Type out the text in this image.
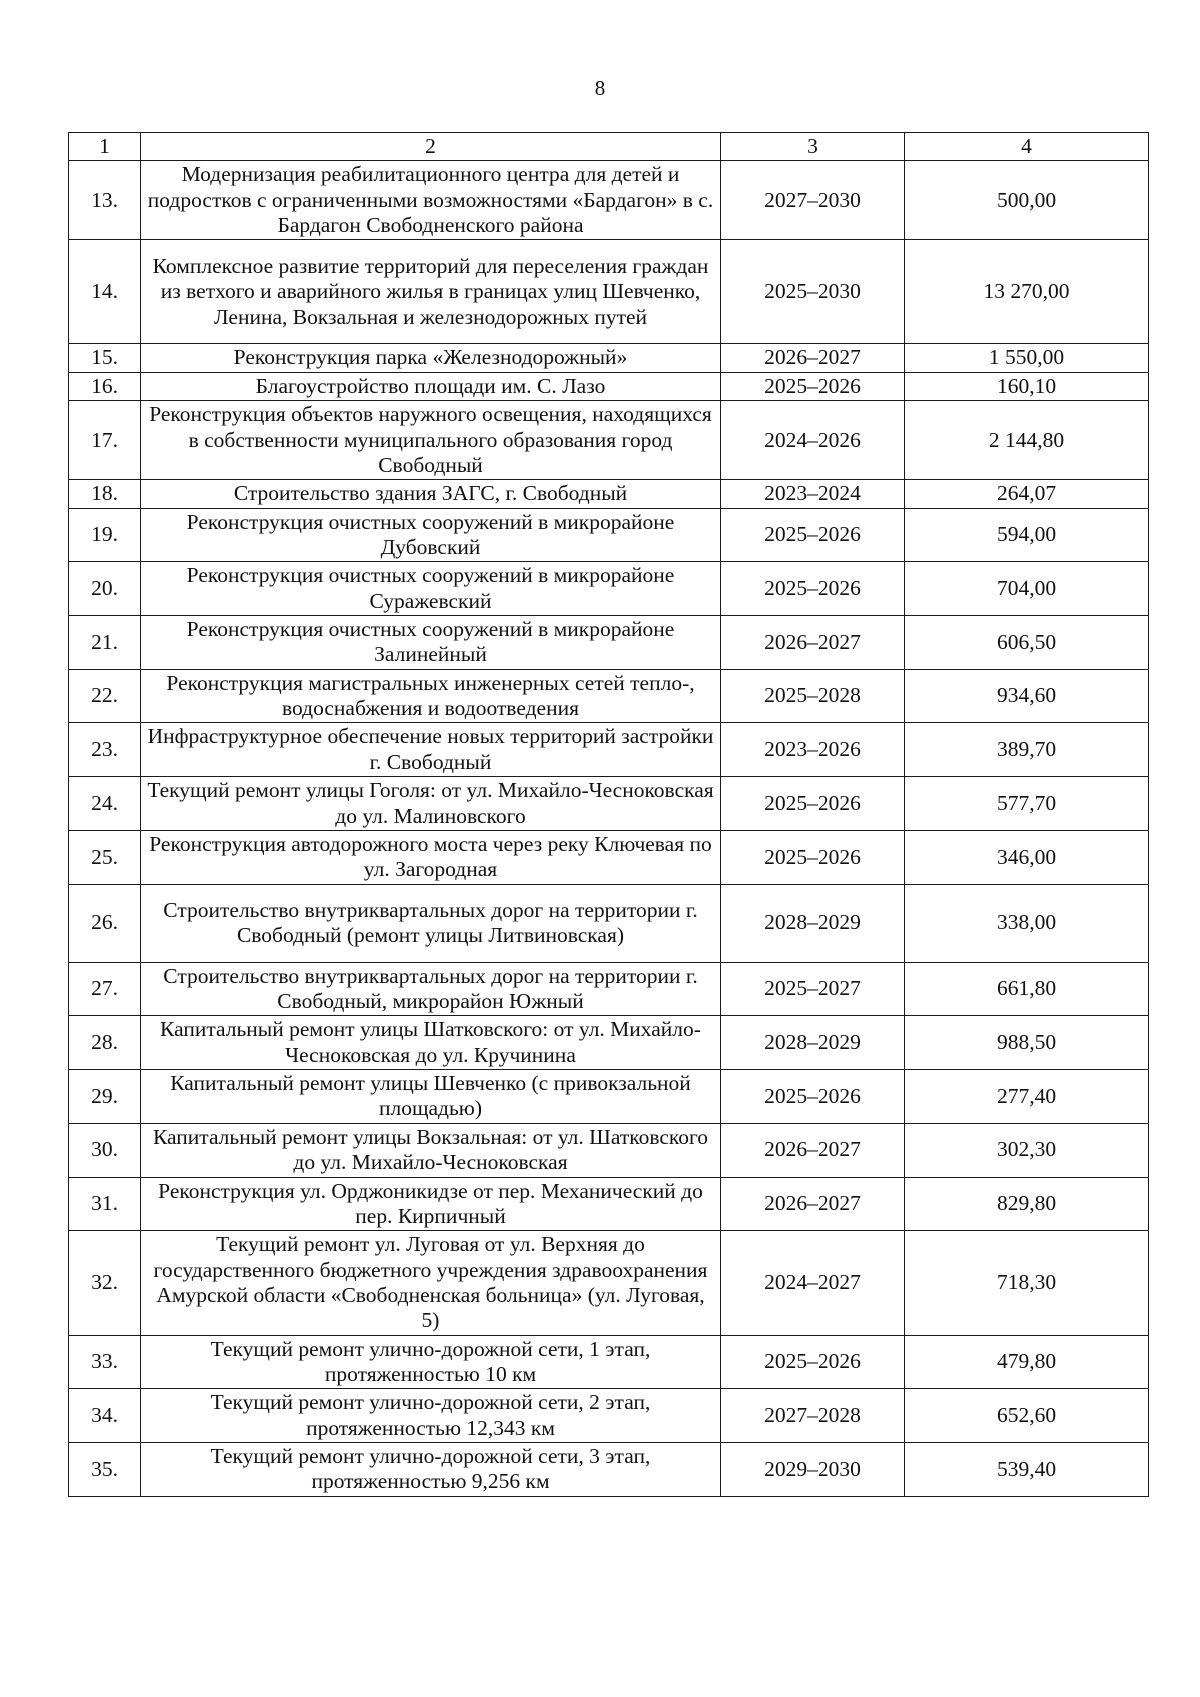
8
1	2	3	4
13.	Модернизация реабилитационного центра для детей и подростков с ограниченными возможностями «Бардагон» в с. Бардагон Свободненского района	2027–2030	500,00
14.	Комплексное развитие территорий для переселения граждан из ветхого и аварийного жилья в границах улиц Шевченко, Ленина, Вокзальная и железнодорожных путей	2025–2030	13 270,00
15.	Реконструкция парка «Железнодорожный»	2026–2027	1 550,00
16.	Благоустройство площади им. С. Лазо	2025–2026	160,10
17.	Реконструкция объектов наружного освещения, находящихся в собственности муниципального образования город Свободный	2024–2026	2 144,80
18.	Строительство здания ЗАГС, г. Свободный	2023–2024	264,07
19.	Реконструкция очистных сооружений в микрорайоне Дубовский	2025–2026	594,00
20.	Реконструкция очистных сооружений в микрорайоне Суражевский	2025–2026	704,00
21.	Реконструкция очистных сооружений в микрорайоне Залинейный	2026–2027	606,50
22.	Реконструкция магистральных инженерных сетей тепло-, водоснабжения и водоотведения	2025–2028	934,60
23.	Инфраструктурное обеспечение новых территорий застройки г. Свободный	2023–2026	389,70
24.	Текущий ремонт улицы Гоголя: от ул. Михайло-Чесноковская до ул. Малиновского	2025–2026	577,70
25.	Реконструкция автодорожного моста через реку Ключевая по ул. Загородная	2025–2026	346,00
26.	Строительство внутриквартальных дорог на территории г. Свободный (ремонт улицы Литвиновская)	2028–2029	338,00
27.	Строительство внутриквартальных дорог на территории г. Свободный, микрорайон Южный	2025–2027	661,80
28.	Капитальный ремонт улицы Шатковского: от ул. Михайло-Чесноковская до ул. Кручинина	2028–2029	988,50
29.	Капитальный ремонт улицы Шевченко (с привокзальной площадью)	2025–2026	277,40
30.	Капитальный ремонт улицы Вокзальная: от ул. Шатковского до ул. Михайло-Чесноковская	2026–2027	302,30
31.	Реконструкция ул. Орджоникидзе от пер. Механический до пер. Кирпичный	2026–2027	829,80
32.	Текущий ремонт ул. Луговая от ул. Верхняя до государственного бюджетного учреждения здравоохранения Амурской области «Свободненская больница» (ул. Луговая, 5)	2024–2027	718,30
33.	Текущий ремонт улично-дорожной сети, 1 этап, протяженностью 10 км	2025–2026	479,80
34.	Текущий ремонт улично-дорожной сети, 2 этап, протяженностью 12,343 км	2027–2028	652,60
35.	Текущий ремонт улично-дорожной сети, 3 этап, протяженностью 9,256 км	2029–2030	539,40
